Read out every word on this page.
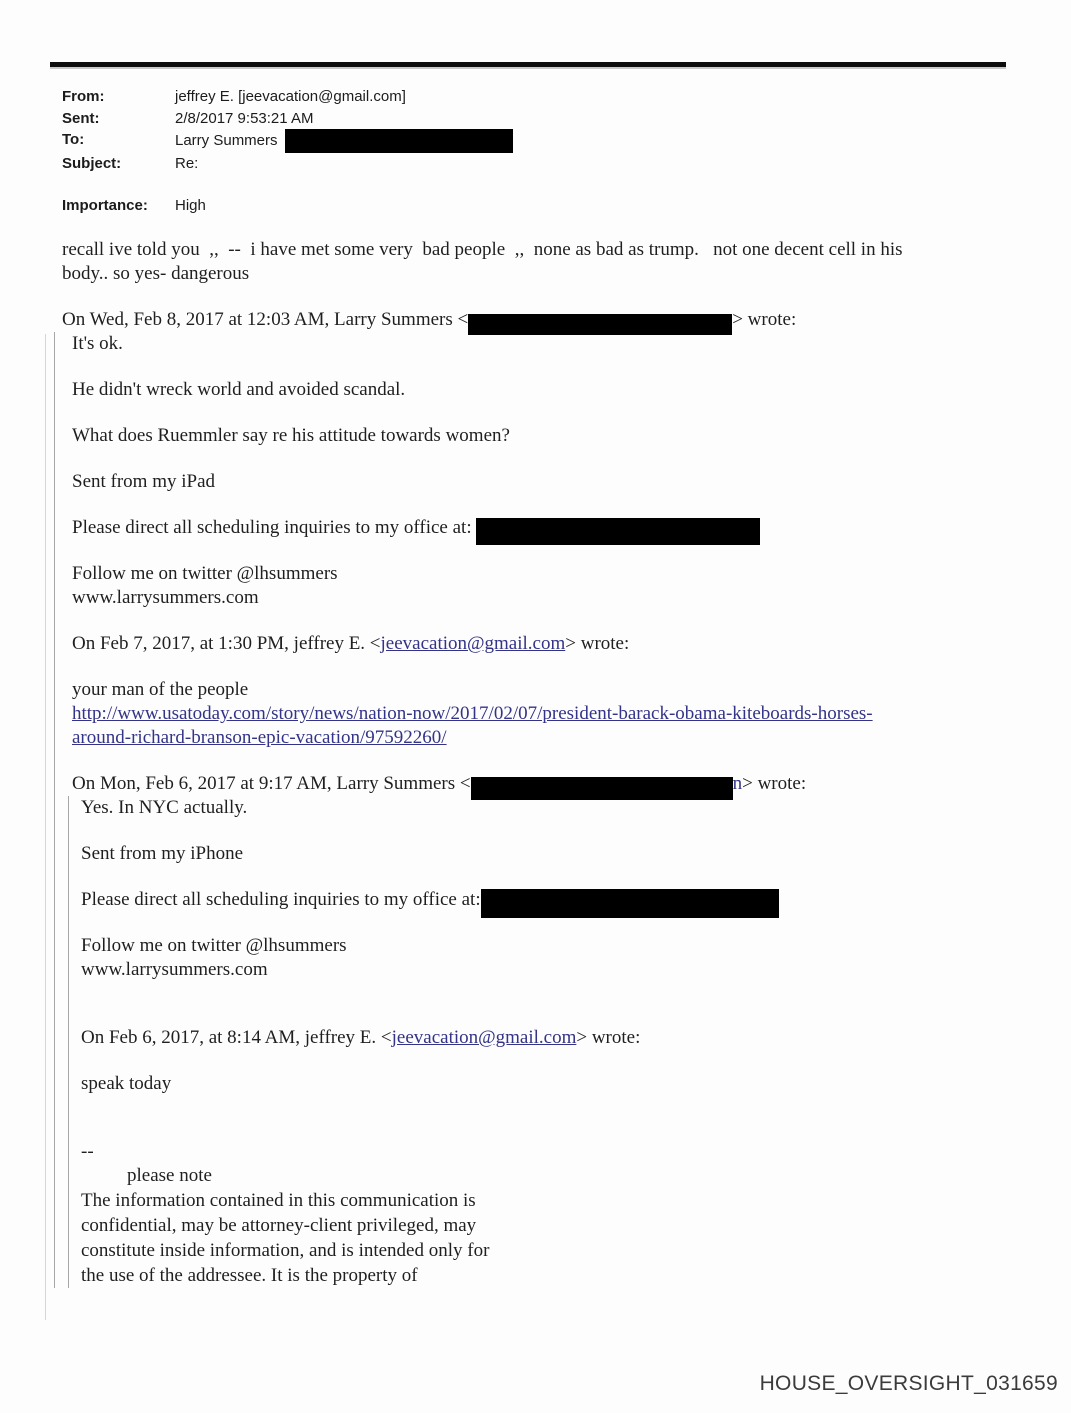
From:	jeffrey E. [jeevacation@gmail.com]
Sent:	2/8/2017 9:53:21 AM
To:	Larry Summers
Subject:	Re:
Importance:	High
recall ive told you  ,,  --  i have met some very  bad people  ,,  none as bad as trump.   not one decent cell in his
body.. so yes- dangerous
On Wed, Feb 8, 2017 at 12:03 AM, Larry Summers <	> wrote:
It's ok.
He didn't wreck world and avoided scandal.
What does Ruemmler say re his attitude towards women?
Sent from my iPad
Please direct all scheduling inquiries to my office at:
Follow me on twitter @lhsummers
www.larrysummers.com
On Feb 7, 2017, at 1:30 PM, jeffrey E. <jeevacation@gmail.com> wrote:
your man of the people
http://www.usatoday.com/story/news/nation-now/2017/02/07/president-barack-obama-kiteboards-horses-
around-richard-branson-epic-vacation/97592260/
On Mon, Feb 6, 2017 at 9:17 AM, Larry Summers <	n> wrote:
Yes. In NYC actually.
Sent from my iPhone
Please direct all scheduling inquiries to my office at:
Follow me on twitter @lhsummers
www.larrysummers.com
On Feb 6, 2017, at 8:14 AM, jeffrey E. <jeevacation@gmail.com> wrote:
speak today
--
please note
The information contained in this communication is
confidential, may be attorney-client privileged, may
constitute inside information, and is intended only for
the use of the addressee. It is the property of
HOUSE_OVERSIGHT_031659
